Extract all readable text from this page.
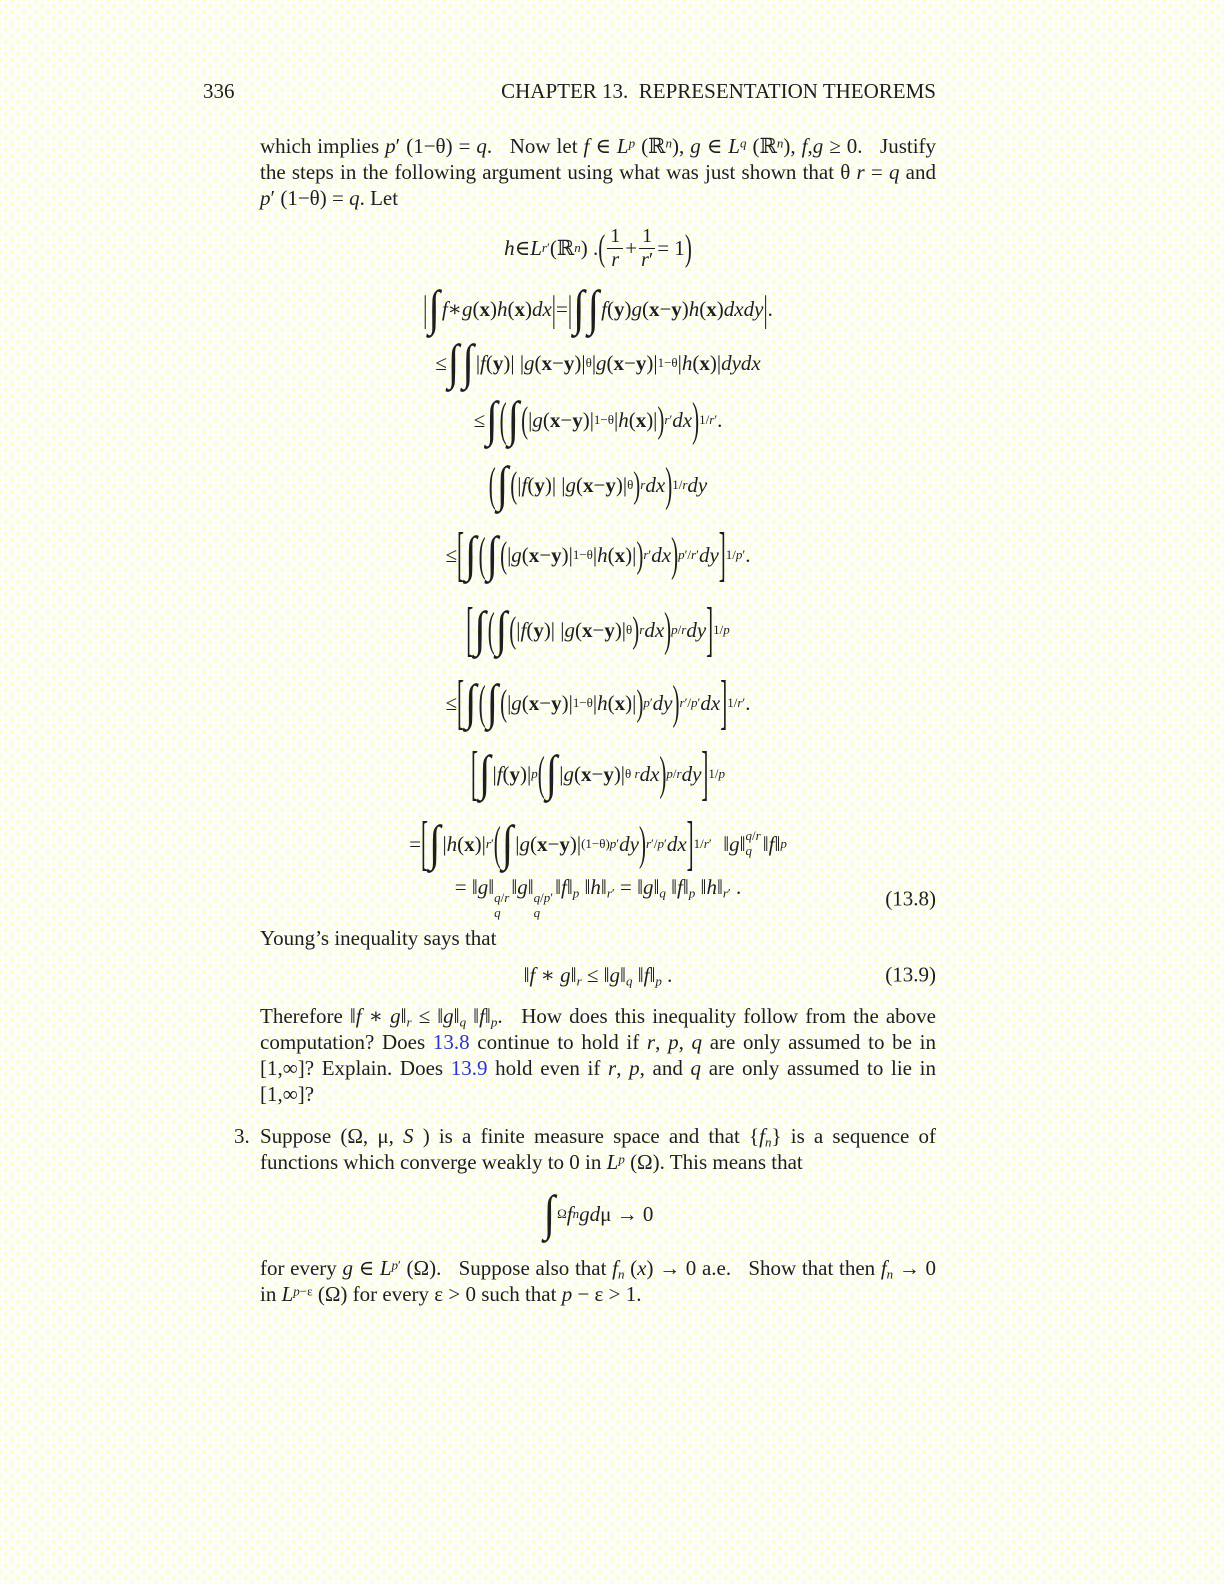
336	CHAPTER 13.  REPRESENTATION THEOREMS

which implies p′ (1−θ) = q. Now let f ∈ $L^p$ (ℝ$^n$), g ∈ $L^q$ (ℝ$^n$), f,g ≥ 0. Justify the steps in the following argument using what was just shown that θ r = q and p′ (1−θ) = q. Let

h ∈ L r′ (ℝ n ) . ( 1
r + 1
r′ = 1 )
| ∫ f ∗ g ( x ) h ( x ) dx | = | ∫ ∫ f ( y ) g ( x − y ) h ( x ) dxdy | .
≤ ∫ ∫ | f ( y )| | g ( x − y )| θ | g ( x − y )| 1−θ | h ( x )| dydx
≤ ∫ ( ∫ ( | g ( x − y )| 1−θ | h ( x )| ) r′ dx ) 1/r′ .
( ∫ ( | f ( y )| | g ( x − y )| θ ) r dx ) 1/r dy
≤ [ ∫ ( ∫ ( | g ( x − y )| 1−θ | h ( x )| ) r′ dx ) p′/r′ dy ] 1/p′ .
[ ∫ ( ∫ ( | f ( y )| | g ( x − y )| θ ) r dx ) p/r dy ] 1/p
≤ [ ∫ ( ∫ ( | g ( x − y )| 1−θ | h ( x )| ) p′ dy ) r′/p′ dx ] 1/r′ .
[ ∫ | f ( y )| p ( ∫ | g ( x − y )| θ r dx ) p/r dy ] 1/p
= [ ∫ | h ( x )| r′ ( ∫ | g ( x − y )| (1−θ)p′ dy ) r′/p′ dx ] 1/r′ ‖ g ‖ q/r
q ‖ f ‖ p
= ‖g‖ q/r
q
‖g‖ q/p′
q
$‖f‖_p$ $‖h‖_{r'}$ = $‖g‖_q$ $‖f‖_p$ $‖h‖_{r'}$ .	(13.8)

Young’s inequality says that

‖f ∗ $g‖_r$ ≤ $‖g‖_q$ $‖f‖_p$ .	(13.9)

Therefore ‖f ∗ $g‖_r$ ≤ $‖g‖_q$ $‖f‖_p$. How does this inequality follow from the above computation? Does 13.8 continue to hold if r, p, q are only assumed to be in [1,∞]? Explain. Does 13.9 hold even if r, p, and q are only assumed to lie in [1,∞]?

3. Suppose (Ω, μ, S ) is a finite measure space and that $\{f_n\}$ is a sequence of functions which converge weakly to 0 in $L^p$ (Ω). This means that

∫ Ω f n gd μ → 0

for every g ∈ $L^{p'}$ (Ω). Suppose also that $f_n$ (x) → 0 a.e. Show that then $f_n \to 0$ in $L^{p-\varepsilon}$ (Ω) for every ε > 0 such that p − ε > 1.
